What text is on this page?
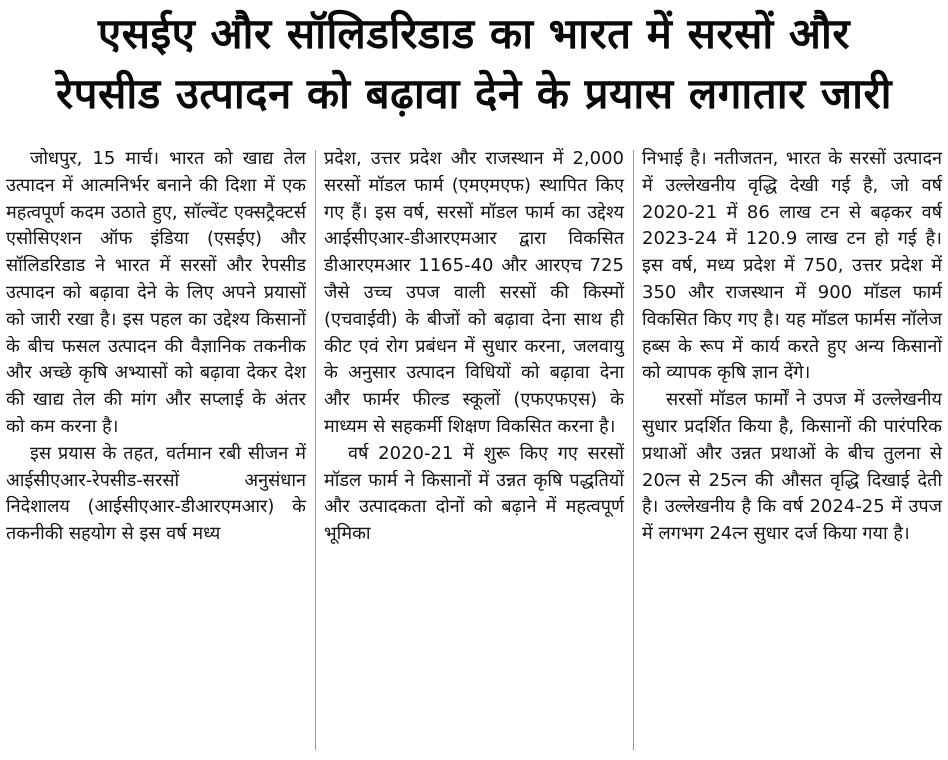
एसईए और सॉलिडरिडाड का भारत में सरसों और
रेपसीड उत्पादन को बढ़ावा देने के प्रयास लगातार जारी

जोधपुर, 15 मार्च। भारत को खाद्य तेल उत्पादन में आत्मनिर्भर बनाने की दिशा में एक महत्वपूर्ण कदम उठाते हुए, सॉल्वेंट एक्सट्रैक्टर्स एसोसिएशन ऑफ इंडिया (एसईए) और सॉलिडरिडाड ने भारत में सरसों और रेपसीड उत्पादन को बढ़ावा देने के लिए अपने प्रयासों को जारी रखा है। इस पहल का उद्देश्य किसानों के बीच फसल उत्पादन की वैज्ञानिक तकनीक और अच्छे कृषि अभ्यासों को बढ़ावा देकर देश की खाद्य तेल की मांग और सप्लाई के अंतर को कम करना है।

इस प्रयास के तहत, वर्तमान रबी सीजन में आईसीएआर-रेपसीड-सरसों अनुसंधान निदेशालय (आईसीएआर-डीआरएमआर) के तकनीकी सहयोग से इस वर्ष मध्य

प्रदेश, उत्तर प्रदेश और राजस्थान में 2,000 सरसों मॉडल फार्म (एमएमएफ) स्थापित किए गए हैं। इस वर्ष, सरसों मॉडल फार्म का उद्देश्य आईसीएआर-डीआरएमआर द्वारा विकसित डीआरएमआर 1165-40 और आरएच 725 जैसे उच्च उपज वाली सरसों की किस्मों (एचवाईवी) के बीजों को बढ़ावा देना साथ ही कीट एवं रोग प्रबंधन में सुधार करना, जलवायु के अनुसार उत्पादन विधियों को बढ़ावा देना और फार्मर फील्ड स्कूलों (एफएफएस) के माध्यम से सहकर्मी शिक्षण विकसित करना है।

वर्ष 2020-21 में शुरू किए गए सरसों मॉडल फार्म ने किसानों में उन्नत कृषि पद्धतियों और उत्पादकता दोनों को बढ़ाने में महत्वपूर्ण भूमिका

निभाई है। नतीजतन, भारत के सरसों उत्पादन में उल्लेखनीय वृद्धि देखी गई है, जो वर्ष 2020-21 में 86 लाख टन से बढ़कर वर्ष 2023-24 में 120.9 लाख टन हो गई है। इस वर्ष, मध्य प्रदेश में 750, उत्तर प्रदेश में 350 और राजस्थान में 900 मॉडल फार्म विकसित किए गए है। यह मॉडल फार्मस नॉलेज हब्स के रूप में कार्य करते हुए अन्य किसानों को व्यापक कृषि ज्ञान देंगे।

सरसों मॉडल फार्मों ने उपज में उल्लेखनीय सुधार प्रदर्शित किया है, किसानों की पारंपरिक प्रथाओं और उन्नत प्रथाओं के बीच तुलना से 20त्न से 25त्न की औसत वृद्धि दिखाई देती है। उल्लेखनीय है कि वर्ष 2024-25 में उपज में लगभग 24त्न सुधार दर्ज किया गया है।
